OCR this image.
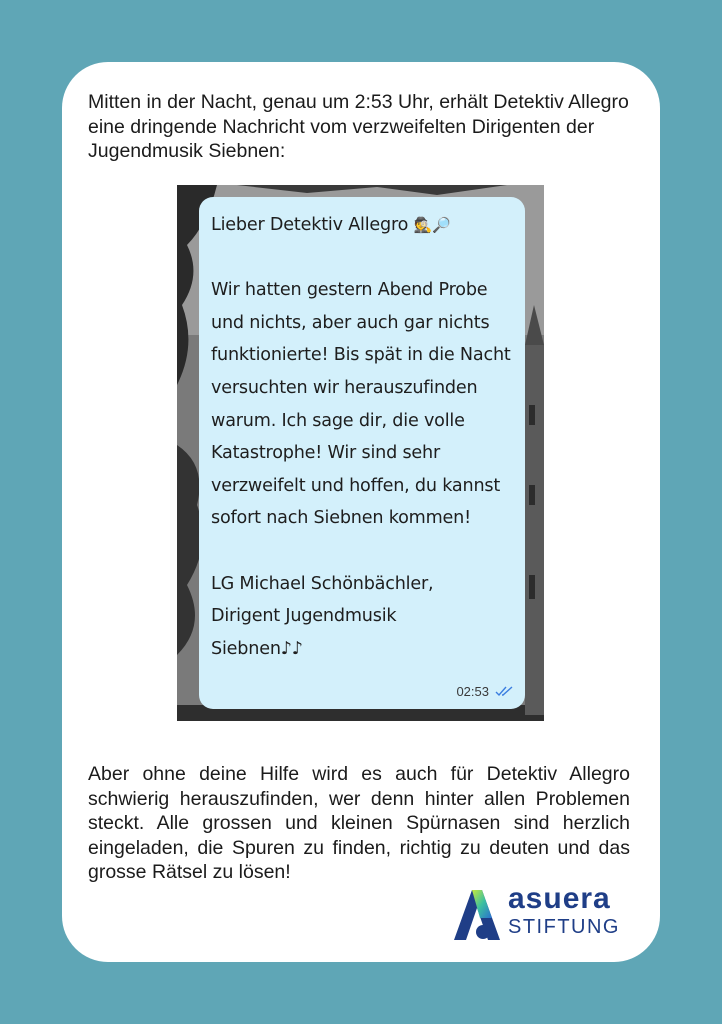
Mitten in der Nacht, genau um 2:53 Uhr, erhält Detektiv Allegro eine dringende Nachricht vom verzweifelten Dirigenten der Jugendmusik Siebnen:

Lieber Detektiv Allegro 🕵🔎

Wir hatten gestern Abend Probe und nichts, aber auch gar nichts funktionierte! Bis spät in die Nacht versuchten wir herauszufinden warum. Ich sage dir, die volle Katastrophe! Wir sind sehr verzweifelt und hoffen, du kannst sofort nach Siebnen kommen!

LG Michael Schönbächler,

Dirigent Jugendmusik

Siebnen♪♪

02:53

Aber ohne deine Hilfe wird es auch für Detektiv Allegro schwierig herauszufinden, wer denn hinter allen Problemen steckt. Alle grossen und kleinen Spürnasen sind herzlich eingeladen, die Spuren zu finden, richtig zu deuten und das grosse Rätsel zu lösen!

asuera
STIFTUNG
